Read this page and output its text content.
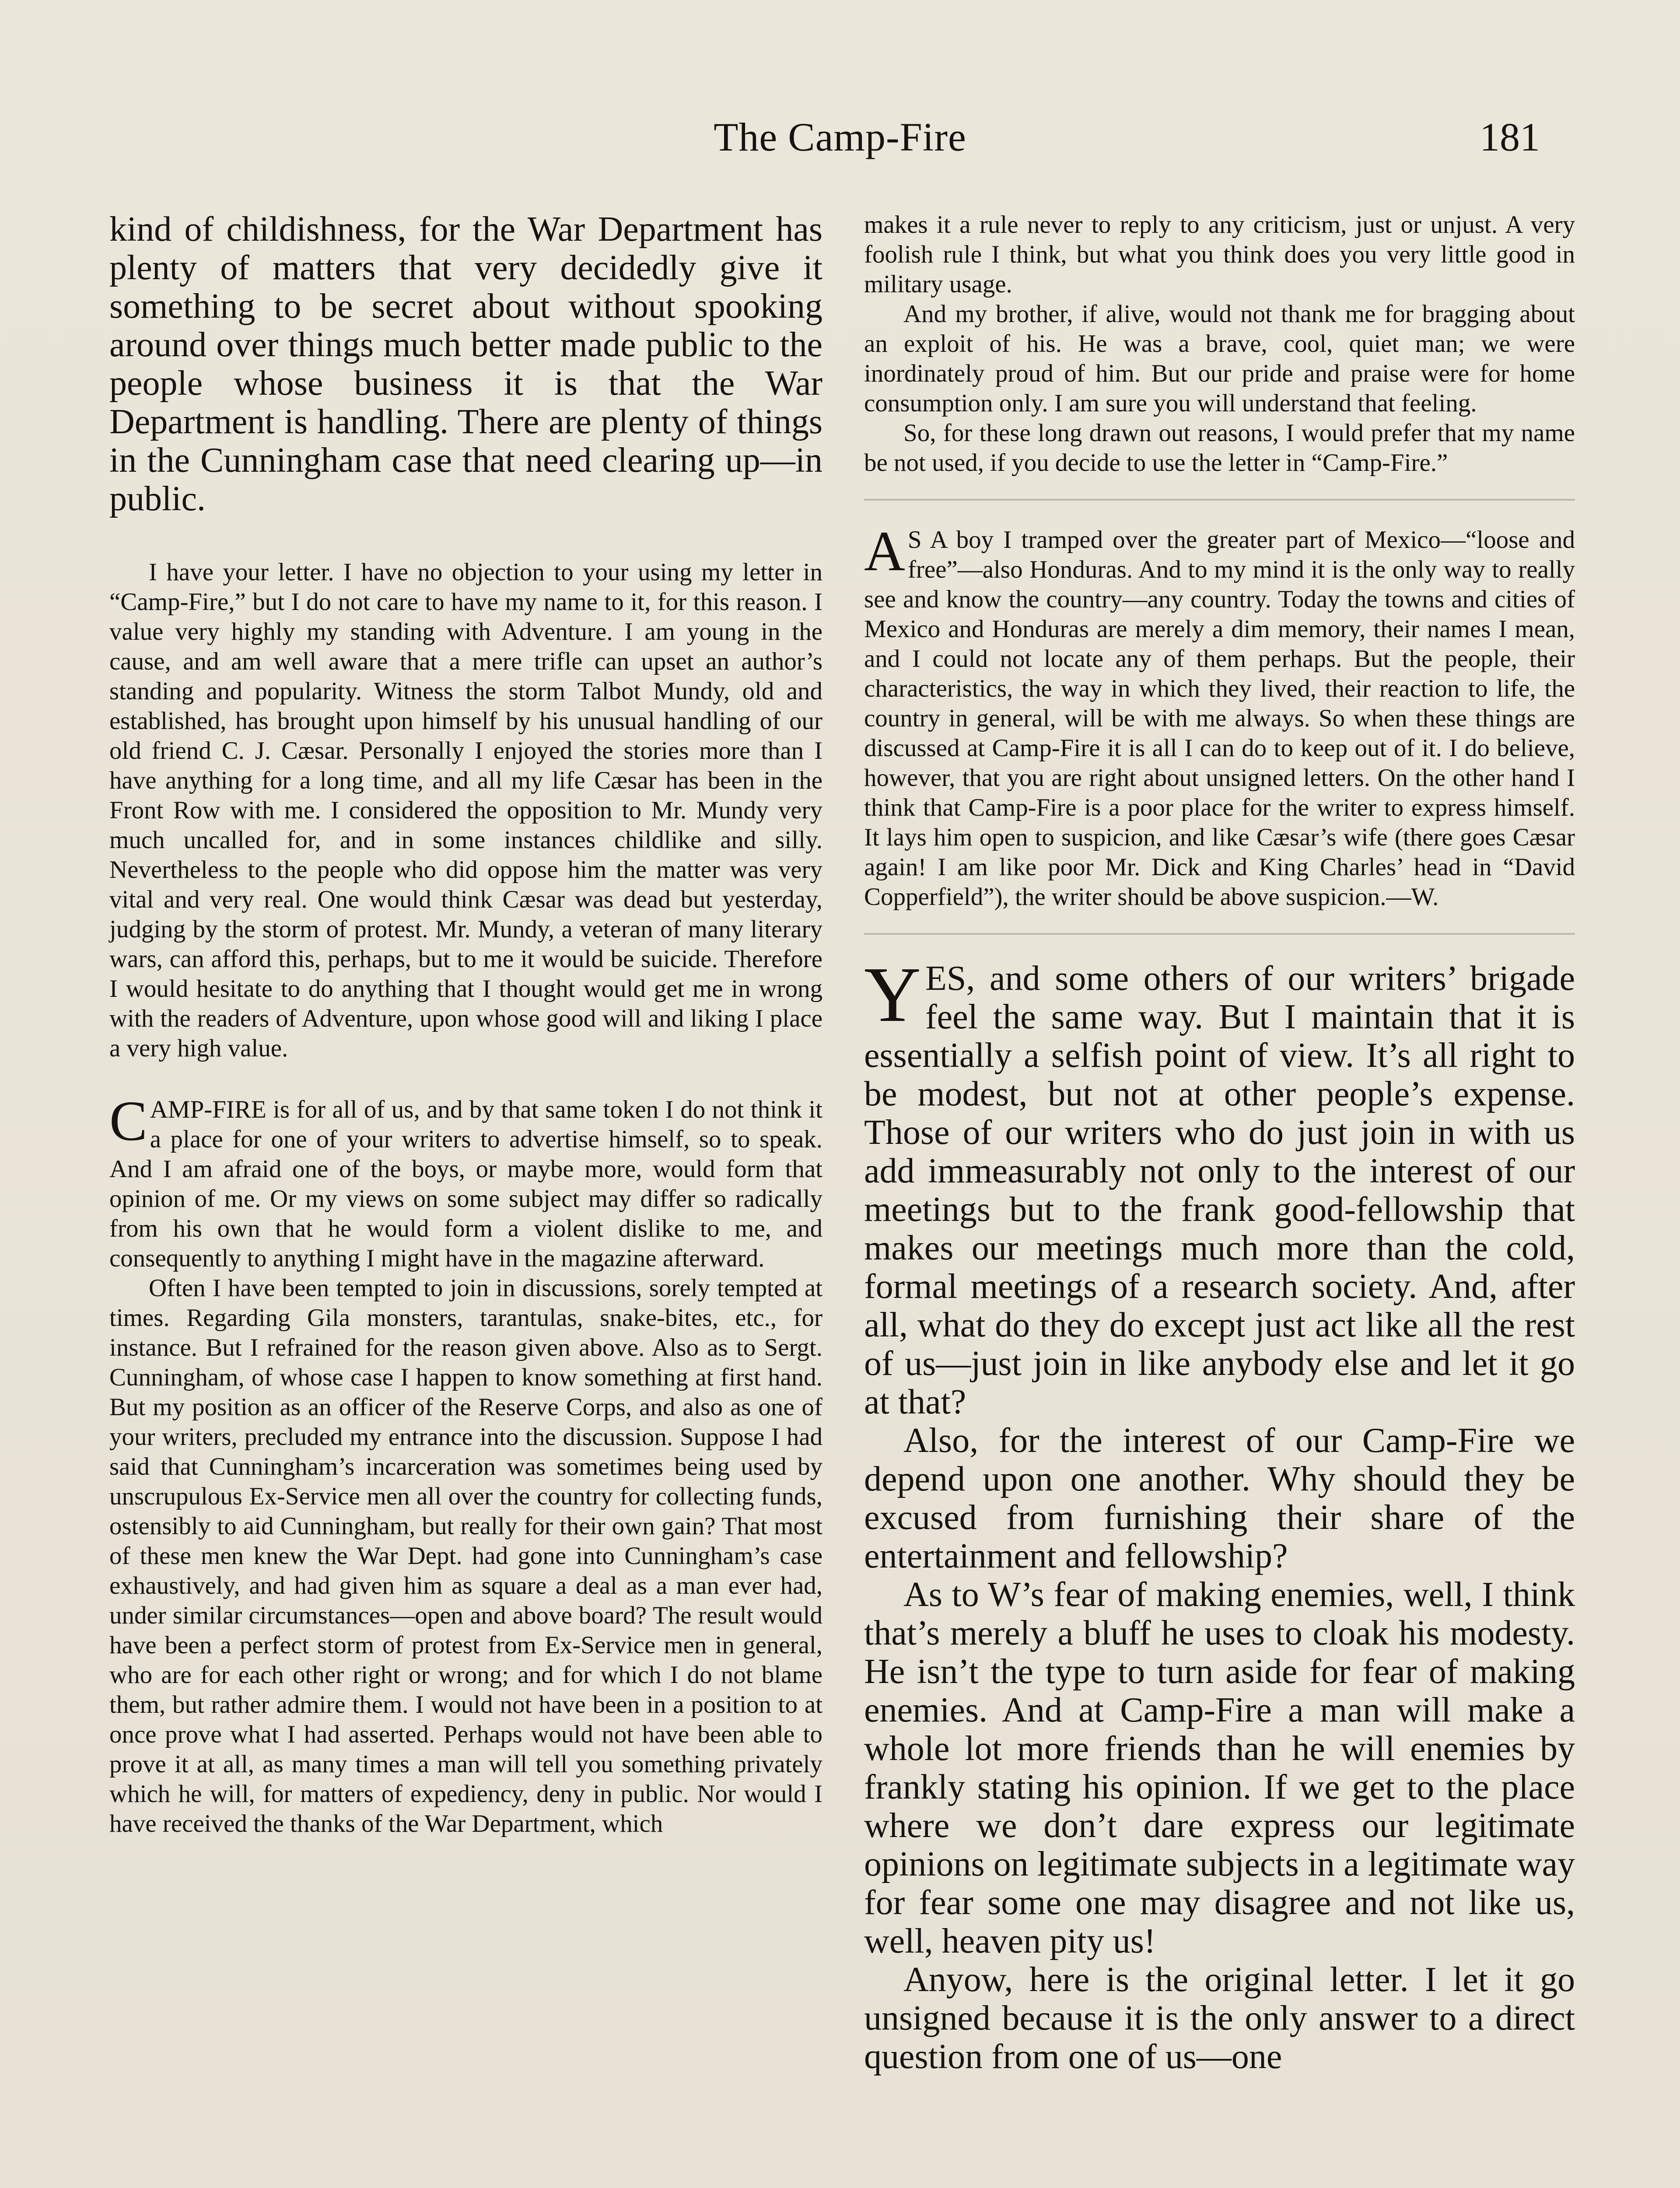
The Camp-Fire	181

kind of childishness, for the War Department has plenty of matters that very decidedly give it something to be secret about without spooking around over things much better made public to the people whose business it is that the War Department is handling. There are plenty of things in the Cunningham case that need clearing up—in public.

I have your letter. I have no objection to your using my letter in “Camp-Fire,” but I do not care to have my name to it, for this reason. I value very highly my standing with Adventure. I am young in the cause, and am well aware that a mere trifle can upset an author’s standing and popularity. Witness the storm Talbot Mundy, old and established, has brought upon himself by his unusual handling of our old friend C. J. Cæsar. Personally I enjoyed the stories more than I have anything for a long time, and all my life Cæsar has been in the Front Row with me. I considered the opposition to Mr. Mundy very much uncalled for, and in some instances childlike and silly. Nevertheless to the people who did oppose him the matter was very vital and very real. One would think Cæsar was dead but yesterday, judging by the storm of protest. Mr. Mundy, a veteran of many literary wars, can afford this, perhaps, but to me it would be suicide. Therefore I would hesitate to do anything that I thought would get me in wrong with the readers of Adventure, upon whose good will and liking I place a very high value.

CAMP-FIRE is for all of us, and by that same token I do not think it a place for one of your writers to advertise himself, so to speak. And I am afraid one of the boys, or maybe more, would form that opinion of me. Or my views on some subject may differ so radically from his own that he would form a violent dislike to me, and consequently to anything I might have in the magazine afterward.

Often I have been tempted to join in discussions, sorely tempted at times. Regarding Gila monsters, tarantulas, snake-bites, etc., for instance. But I refrained for the reason given above. Also as to Sergt. Cunningham, of whose case I happen to know something at first hand. But my position as an officer of the Reserve Corps, and also as one of your writers, precluded my entrance into the discussion. Suppose I had said that Cunningham’s incarceration was sometimes being used by unscrupulous Ex-Service men all over the country for collecting funds, ostensibly to aid Cunningham, but really for their own gain? That most of these men knew the War Dept. had gone into Cunningham’s case exhaustively, and had given him as square a deal as a man ever had, under similar circumstances—open and above board? The result would have been a perfect storm of protest from Ex-Service men in general, who are for each other right or wrong; and for which I do not blame them, but rather admire them. I would not have been in a position to at once prove what I had asserted. Perhaps would not have been able to prove it at all, as many times a man will tell you something privately which he will, for matters of expediency, deny in public. Nor would I have received the thanks of the War Department, which

makes it a rule never to reply to any criticism, just or unjust. A very foolish rule I think, but what you think does you very little good in military usage.

And my brother, if alive, would not thank me for bragging about an exploit of his. He was a brave, cool, quiet man; we were inordinately proud of him. But our pride and praise were for home consumption only. I am sure you will understand that feeling.

So, for these long drawn out reasons, I would prefer that my name be not used, if you decide to use the letter in “Camp-Fire.”

A S A boy I tramped over the greater part of Mexico—“loose and free”—also Honduras. And to my mind it is the only way to really see and know the country—any country. Today the towns and cities of Mexico and Honduras are merely a dim memory, their names I mean, and I could not locate any of them perhaps. But the people, their characteristics, the way in which they lived, their reaction to life, the country in general, will be with me always. So when these things are discussed at Camp-Fire it is all I can do to keep out of it. I do believe, however, that you are right about unsigned letters. On the other hand I think that Camp-Fire is a poor place for the writer to express himself. It lays him open to suspicion, and like Cæsar’s wife (there goes Cæsar again! I am like poor Mr. Dick and King Charles’ head in “David Copperfield”), the writer should be above suspicion.—W.

YES, and some others of our writers’ brigade feel the same way. But I maintain that it is essentially a selfish point of view. It’s all right to be modest, but not at other people’s expense. Those of our writers who do just join in with us add immeasurably not only to the interest of our meetings but to the frank good-fellowship that makes our meetings much more than the cold, formal meetings of a research society. And, after all, what do they do except just act like all the rest of us—just join in like anybody else and let it go at that?

Also, for the interest of our Camp-Fire we depend upon one another. Why should they be excused from furnishing their share of the entertainment and fellowship?

As to W’s fear of making enemies, well, I think that’s merely a bluff he uses to cloak his modesty. He isn’t the type to turn aside for fear of making enemies. And at Camp-Fire a man will make a whole lot more friends than he will enemies by frankly stating his opinion. If we get to the place where we don’t dare express our legitimate opinions on legitimate subjects in a legitimate way for fear some one may disagree and not like us, well, heaven pity us!

Anyow, here is the original letter. I let it go unsigned because it is the only answer to a direct question from one of us—one
